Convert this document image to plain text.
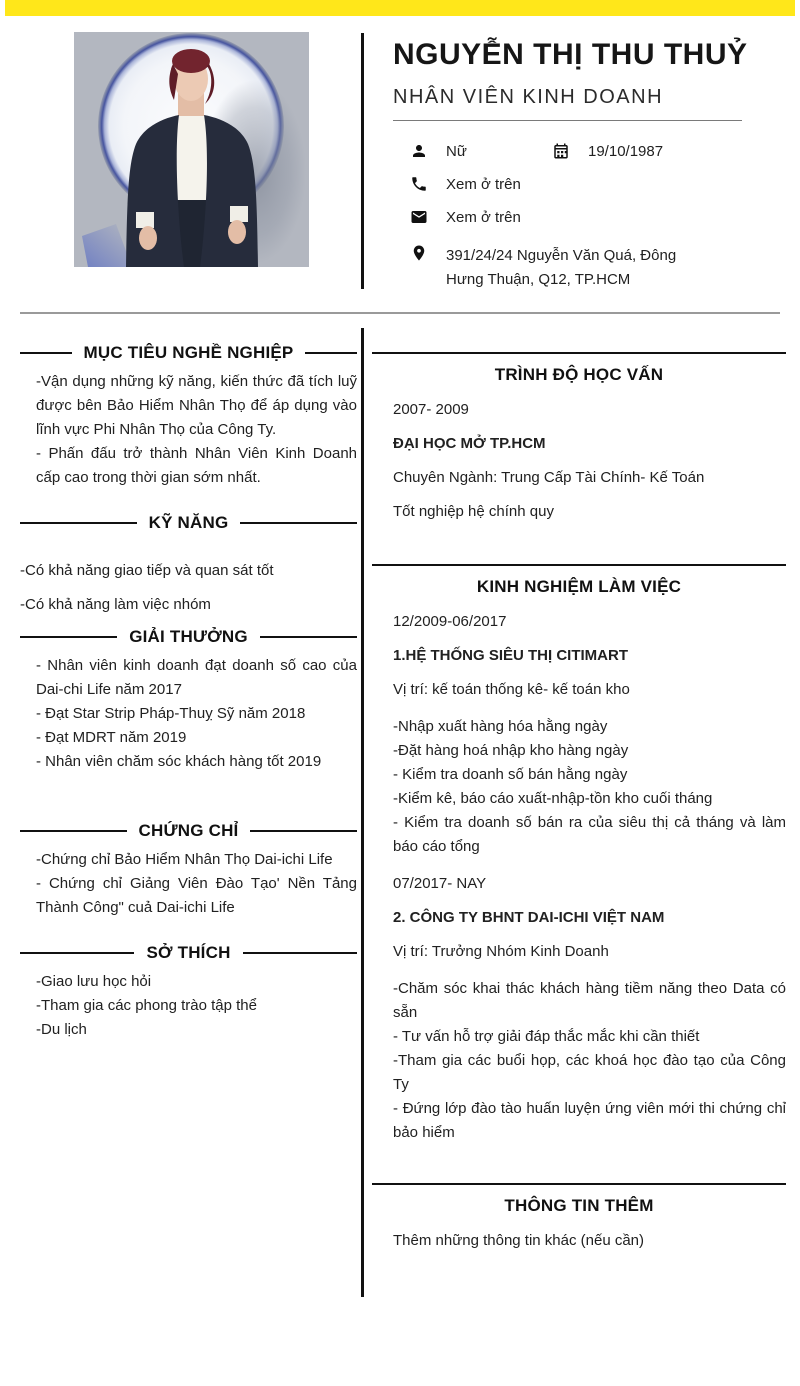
NGUYỄN THỊ THU THUỶ
NHÂN VIÊN KINH DOANH
Nữ	19/10/1987
Xem ở trên
Xem ở trên
391/24/24 Nguyễn Văn Quá, Đông Hưng Thuận, Q12, TP.HCM
MỤC TIÊU NGHỀ NGHIỆP

-Vận dụng những kỹ năng, kiến thức đã tích luỹ được bên Bảo Hiểm Nhân Thọ để áp dụng vào lĩnh vực Phi Nhân Thọ của Công Ty.

- Phấn đấu trở thành Nhân Viên Kinh Doanh cấp cao trong thời gian sớm nhất.

KỸ NĂNG

-Có khả năng giao tiếp và quan sát tốt

-Có khả năng làm việc nhóm

GIẢI THƯỞNG

- Nhân viên kinh doanh đạt doanh số cao của Dai-chi Life năm 2017

- Đạt Star Strip Pháp-Thuỵ Sỹ năm 2018

- Đạt MDRT năm 2019

- Nhân viên chăm sóc khách hàng tốt 2019

CHỨNG CHỈ

-Chứng chỉ Bảo Hiểm Nhân Thọ Dai-ichi Life

- Chứng chỉ Giảng Viên Đào Tạo' Nền Tảng Thành Công" cuả Dai-ichi Life

SỞ THÍCH

-Giao lưu học hỏi

-Tham gia các phong trào tập thể

-Du lịch

TRÌNH ĐỘ HỌC VẤN
2007- 2009
ĐẠI HỌC MỞ TP.HCM
Chuyên Ngành: Trung Cấp Tài Chính- Kế Toán
Tốt nghiệp hệ chính quy
KINH NGHIỆM LÀM VIỆC
12/2009-06/2017
1.HỆ THỐNG SIÊU THỊ CITIMART
Vị trí: kế toán thống kê- kế toán kho

-Nhập xuất hàng hóa hằng ngày

-Đặt hàng hoá nhập kho hàng ngày

- Kiểm tra doanh số bán hằng ngày

-Kiểm kê, báo cáo xuất-nhập-tồn kho cuối tháng

- Kiểm tra doanh số bán ra của siêu thị cả tháng và làm báo cáo tổng

07/2017- NAY
2. CÔNG TY BHNT DAI-ICHI VIỆT NAM
Vị trí: Trưởng Nhóm Kinh Doanh

-Chăm sóc khai thác khách hàng tiềm năng theo Data có sẵn

- Tư vấn hỗ trợ giải đáp thắc mắc khi cần thiết

-Tham gia các buổi họp, các khoá học đào tạo của Công Ty

- Đứng lớp đào tào huấn luyện ứng viên mới thi chứng chỉ bảo hiểm

THÔNG TIN THÊM
Thêm những thông tin khác (nếu cần)
